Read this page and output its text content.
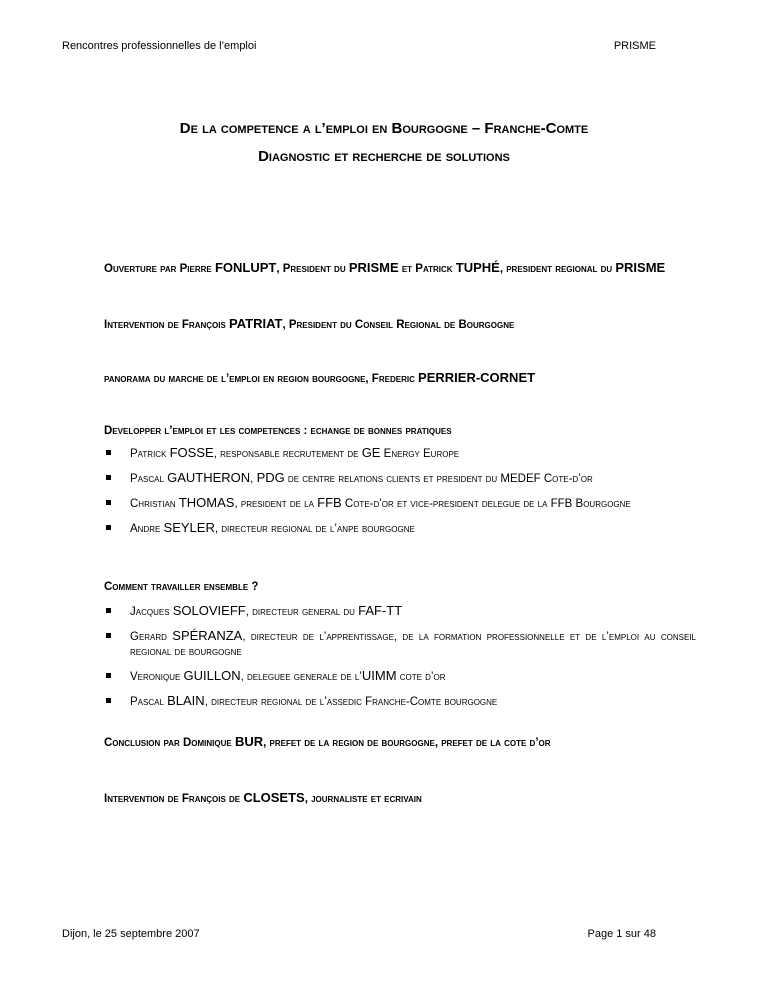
Rencontres professionnelles de l’emploi	PRISME
De la competence a l’emploi en Bourgogne – Franche-Comte
Diagnostic et recherche de solutions
Ouverture par Pierre FONLUPT, President du PRISME et Patrick TUPHÉ, president regional du PRISME
Intervention de François PATRIAT, President du Conseil Regional de Bourgogne
panorama du marche de l’emploi en region bourgogne, Frederic PERRIER-CORNET
Developper l’emploi et les competences : echange de bonnes pratiques
Patrick FOSSE, responsable recrutement de GE Energy Europe
Pascal GAUTHERON, PDG de centre relations clients et president du MEDEF Cote-d’or
Christian THOMAS, president de la FFB Cote-d’or et vice-president delegue de la FFB Bourgogne
Andre SEYLER, directeur regional de l’anpe bourgogne
Comment travailler ensemble ?
Jacques SOLOVIEFF, directeur general du FAF-TT
Gerard SPÉRANZA, directeur de l’apprentissage, de la formation professionnelle et de l’emploi au conseil regional de bourgogne
Veronique GUILLON, deleguee generale de l’UIMM cote d’or
Pascal BLAIN, directeur regional de l’assedic Franche-Comte bourgogne
Conclusion par Dominique BUR, prefet de la region de bourgogne, prefet de la cote d’or
Intervention de François de CLOSETS, journaliste et ecrivain
Dijon, le 25 septembre 2007	Page 1 sur 48
